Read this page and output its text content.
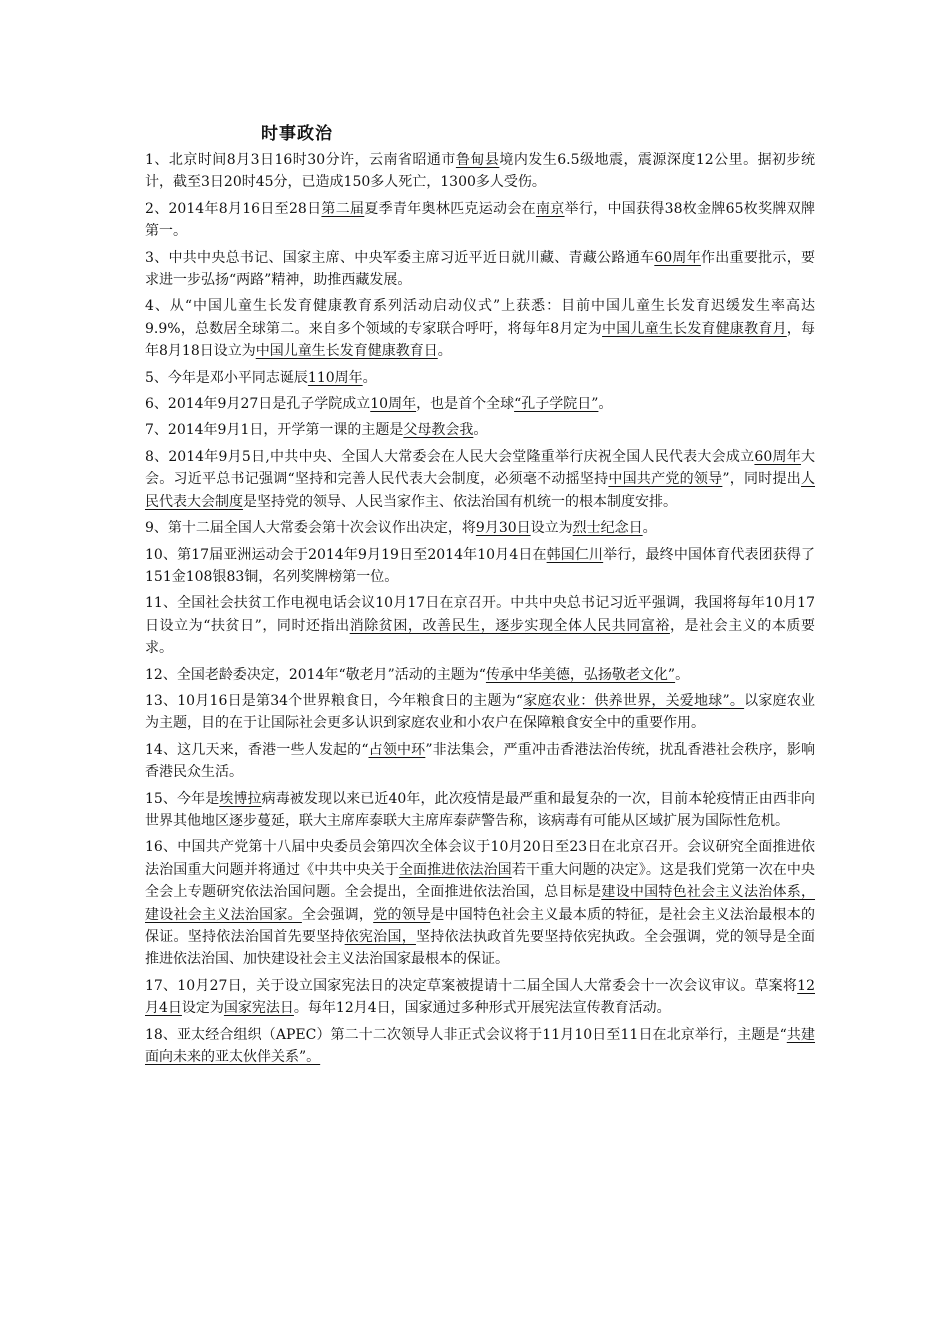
时事政治

1、北京时间8月3日16时30分许，云南省昭通市鲁甸县境内发生6.5级地震，震源深度12公里。据初步统计，截至3日20时45分，已造成150多人死亡，1300多人受伤。

2、2014年8月16日至28日第二届夏季青年奥林匹克运动会在南京举行，中国获得38枚金牌65枚奖牌双牌第一。

3、中共中央总书记、国家主席、中央军委主席习近平近日就川藏、青藏公路通车60周年作出重要批示，要求进一步弘扬“两路”精神，助推西藏发展。

4、从“中国儿童生长发育健康教育系列活动启动仪式”上获悉：目前中国儿童生长发育迟缓发生率高达9.9%，总数居全球第二。来自多个领域的专家联合呼吁，将每年8月定为中国儿童生长发育健康教育月，每年8月18日设立为中国儿童生长发育健康教育日。

5、今年是邓小平同志诞辰110周年。

6、2014年9月27日是孔子学院成立10周年，也是首个全球“孔子学院日”。

7、2014年9月1日，开学第一课的主题是父母教会我。

8、2014年9月5日,中共中央、全国人大常委会在人民大会堂隆重举行庆祝全国人民代表大会成立60周年大会。习近平总书记强调“坚持和完善人民代表大会制度，必须毫不动摇坚持中国共产党的领导”，同时提出人民代表大会制度是坚持党的领导、人民当家作主、依法治国有机统一的根本制度安排。

9、第十二届全国人大常委会第十次会议作出决定，将9月30日设立为烈士纪念日。

10、第17届亚洲运动会于2014年9月19日至2014年10月4日在韩国仁川举行，最终中国体育代表团获得了151金108银83铜，名列奖牌榜第一位。

11、全国社会扶贫工作电视电话会议10月17日在京召开。中共中央总书记习近平强调，我国将每年10月17日设立为“扶贫日”，同时还指出消除贫困，改善民生，逐步实现全体人民共同富裕，是社会主义的本质要求。

12、全国老龄委决定，2014年“敬老月”活动的主题为“传承中华美德，弘扬敬老文化”。

13、10月16日是第34个世界粮食日，今年粮食日的主题为“家庭农业：供养世界，关爱地球”。以家庭农业为主题，目的在于让国际社会更多认识到家庭农业和小农户在保障粮食安全中的重要作用。

14、这几天来，香港一些人发起的“占领中环”非法集会，严重冲击香港法治传统，扰乱香港社会秩序，影响香港民众生活。

15、今年是埃博拉病毒被发现以来已近40年，此次疫情是最严重和最复杂的一次，目前本轮疫情正由西非向世界其他地区逐步蔓延，联大主席库泰联大主席库泰萨警告称，该病毒有可能从区域扩展为国际性危机。

16、中国共产党第十八届中央委员会第四次全体会议于10月20日至23日在北京召开。会议研究全面推进依法治国重大问题并将通过《中共中央关于全面推进依法治国若干重大问题的决定》。这是我们党第一次在中央全会上专题研究依法治国问题。全会提出，全面推进依法治国，总目标是建设中国特色社会主义法治体系，建设社会主义法治国家。全会强调，党的领导是中国特色社会主义最本质的特征，是社会主义法治最根本的保证。坚持依法治国首先要坚持依宪治国，坚持依法执政首先要坚持依宪执政。全会强调，党的领导是全面推进依法治国、加快建设社会主义法治国家最根本的保证。

17、10月27日，关于设立国家宪法日的决定草案被提请十二届全国人大常委会十一次会议审议。草案将12月4日设定为国家宪法日。每年12月4日，国家通过多种形式开展宪法宣传教育活动。

18、亚太经合组织（APEC）第二十二次领导人非正式会议将于11月10日至11日在北京举行，主题是“共建面向未来的亚太伙伴关系”。
